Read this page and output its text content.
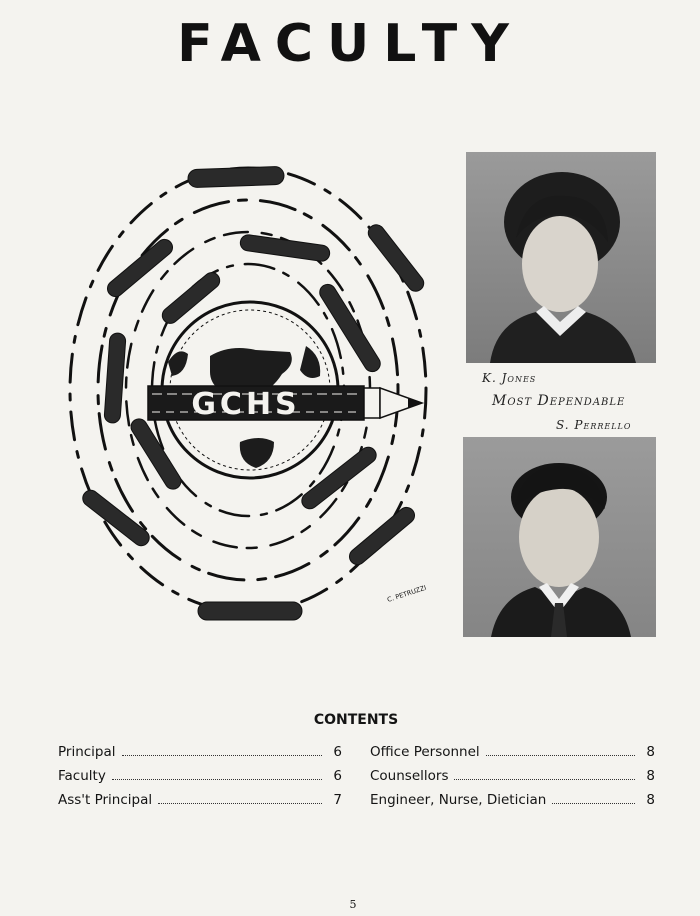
FACULTY
GCHS
C. PETRUZZI
K. Jones
Most Dependable
S. Perrello
CONTENTS
Principal	6
Faculty	6
Ass't Principal	7
Office Personnel	8
Counsellors	8
Engineer, Nurse, Dietician	8
5
